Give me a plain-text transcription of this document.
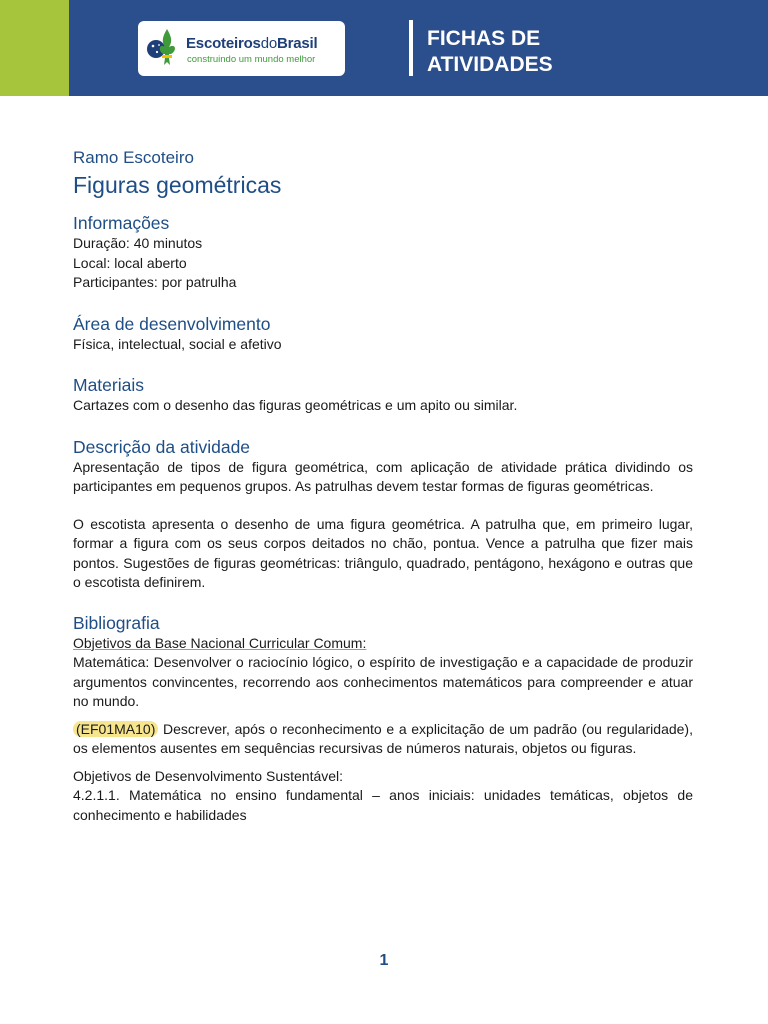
EscoteirosdoBrasil
construindo um mundo melhor
FICHAS DE
ATIVIDADES

Ramo Escoteiro

Figuras geométricas
Informações

Duração: 40 minutos

Local: local aberto

Participantes: por patrulha

Área de desenvolvimento

Física, intelectual, social e afetivo

Materiais

Cartazes com o desenho das figuras geométricas e um apito ou similar.

Descrição da atividade

Apresentação de tipos de figura geométrica, com aplicação de atividade prática dividindo os participantes em pequenos grupos. As patrulhas devem testar formas de figuras geométricas.

O escotista apresenta o desenho de uma figura geométrica. A patrulha que, em primeiro lugar, formar a figura com os seus corpos deitados no chão, pontua. Vence a patrulha que fizer mais pontos. Sugestões de figuras geométricas: triângulo, quadrado, pentágono, hexágono e outras que o escotista definirem.

Bibliografia

Objetivos da Base Nacional Curricular Comum:

Matemática: Desenvolver o raciocínio lógico, o espírito de investigação e a capacidade de produzir argumentos convincentes, recorrendo aos conhecimentos matemáticos para compreender e atuar no mundo.

(EF01MA10) Descrever, após o reconhecimento e a explicitação de um padrão (ou regularidade), os elementos ausentes em sequências recursivas de números naturais, objetos ou figuras.

Objetivos de Desenvolvimento Sustentável:

4.2.1.1. Matemática no ensino fundamental – anos iniciais: unidades temáticas, objetos de conhecimento e habilidades

1
